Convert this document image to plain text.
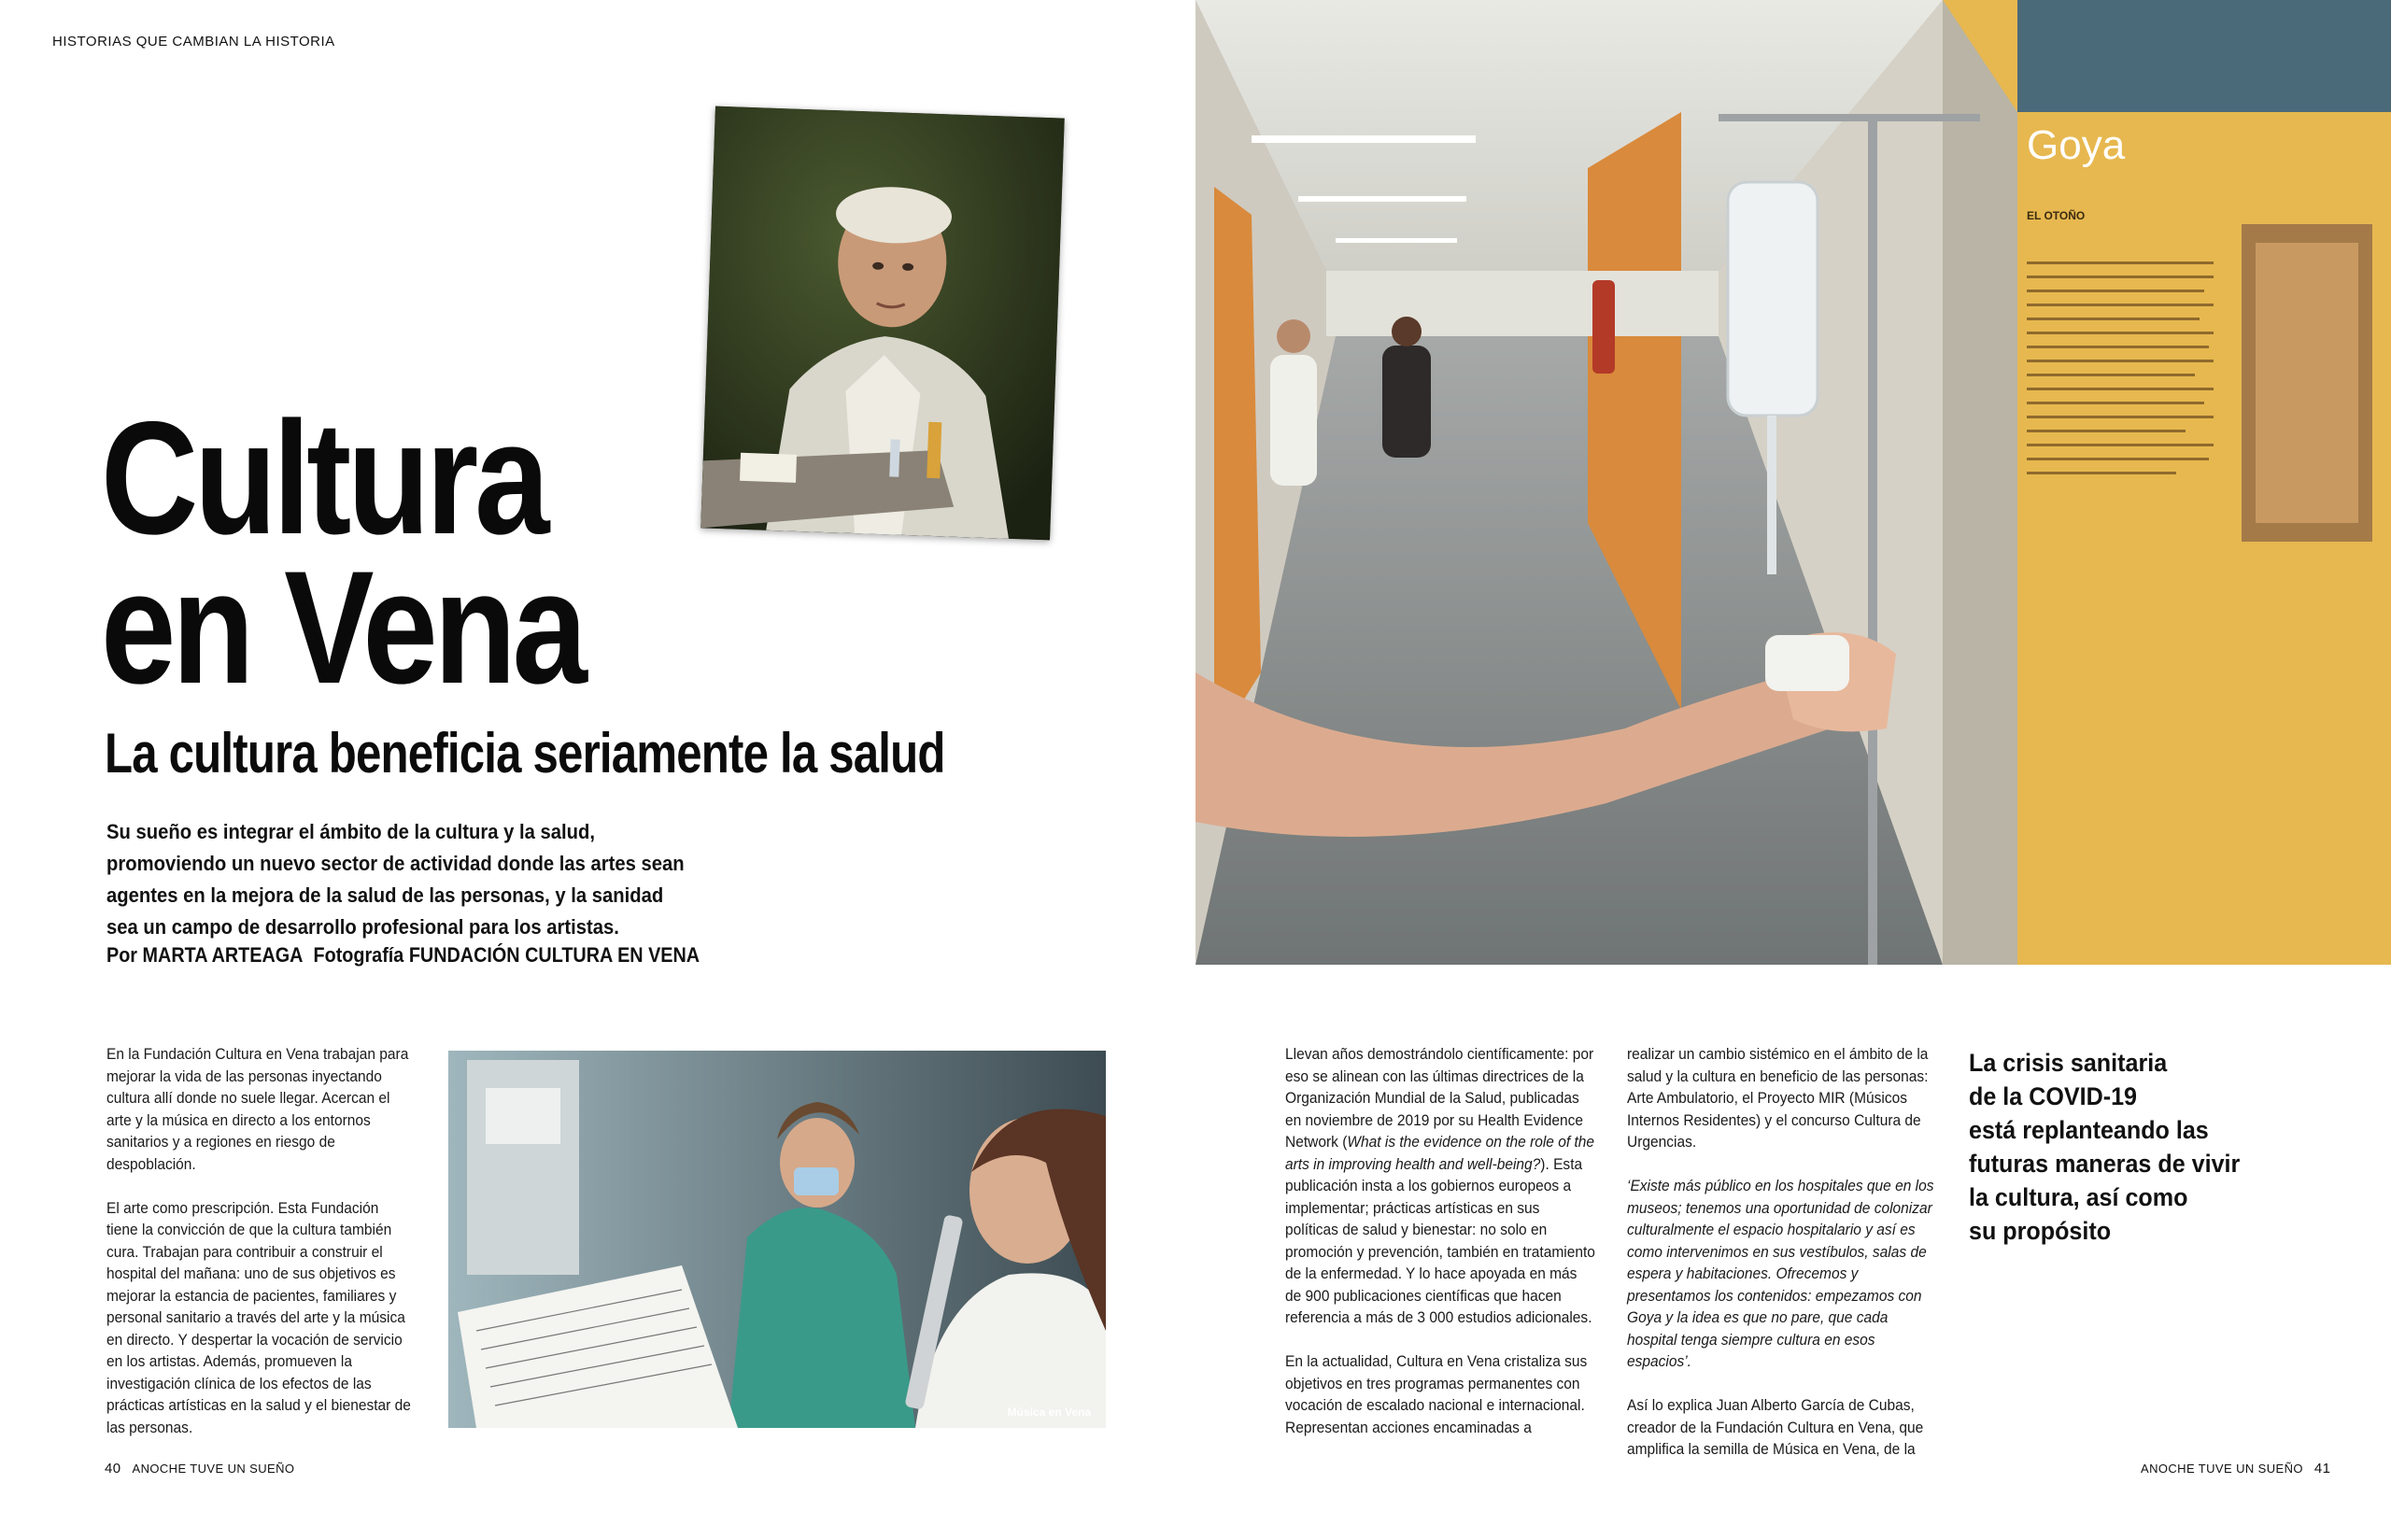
HISTORIAS QUE CAMBIAN LA HISTORIA
Cultura
en Vena
La cultura beneficia seriamente la salud

Su sueño es integrar el ámbito de la cultura y la salud,

promoviendo un nuevo sector de actividad donde las artes sean

agentes en la mejora de la salud de las personas, y la sanidad

sea un campo de desarrollo profesional para los artistas.

Por MARTA ARTEAGA Fotografía FUNDACIÓN CULTURA EN VENA
Goya
EL OTOÑO

En la Fundación Cultura en Vena trabajan para mejorar la vida de las personas inyectando cultura allí donde no suele llegar. Acercan el arte y la música en directo a los entornos sanitarios y a regiones en riesgo de despoblación.

El arte como prescripción. Esta Fundación tiene la convicción de que la cultura también cura. Trabajan para contribuir a construir el hospital del mañana: uno de sus objetivos es mejorar la estancia de pacientes, familiares y personal sanitario a través del arte y la música en directo. Y despertar la vocación de servicio en los artistas. Además, promueven la investigación clínica de los efectos de las prácticas artísticas en la salud y el bienestar de las personas.

Música en Vena

Llevan años demostrándolo científicamente: por eso se alinean con las últimas directrices de la Organización Mundial de la Salud, publicadas en noviembre de 2019 por su Health Evidence Network (What is the evidence on the role of the arts in improving health and well-being?). Esta publicación insta a los gobiernos europeos a implementar; prácticas artísticas en sus políticas de salud y bienestar: no solo en promoción y prevención, también en tratamiento de la enfermedad. Y lo hace apoyada en más de 900 publicaciones científicas que hacen referencia a más de 3 000 estudios adicionales.

En la actualidad, Cultura en Vena cristaliza sus objetivos en tres programas permanentes con vocación de escalado nacional e internacional. Representan acciones encaminadas a

realizar un cambio sistémico en el ámbito de la salud y la cultura en beneficio de las personas: Arte Ambulatorio, el Proyecto MIR (Músicos Internos Residentes) y el concurso Cultura de Urgencias.

‘Existe más público en los hospitales que en los museos; tenemos una oportunidad de colonizar culturalmente el espacio hospitalario y así es como intervenimos en sus vestíbulos, salas de espera y habitaciones. Ofrecemos y presentamos los contenidos: empezamos con Goya y la idea es que no pare, que cada hospital tenga siempre cultura en esos espacios’.

Así lo explica Juan Alberto García de Cubas, creador de la Fundación Cultura en Vena, que amplifica la semilla de Música en Vena, de la

La crisis sanitaria
de la COVID-19
está replanteando las
futuras maneras de vivir
la cultura, así como
su propósito
40 ANOCHE TUVE UN SUEÑO	ANOCHE TUVE UN SUEÑO 41
